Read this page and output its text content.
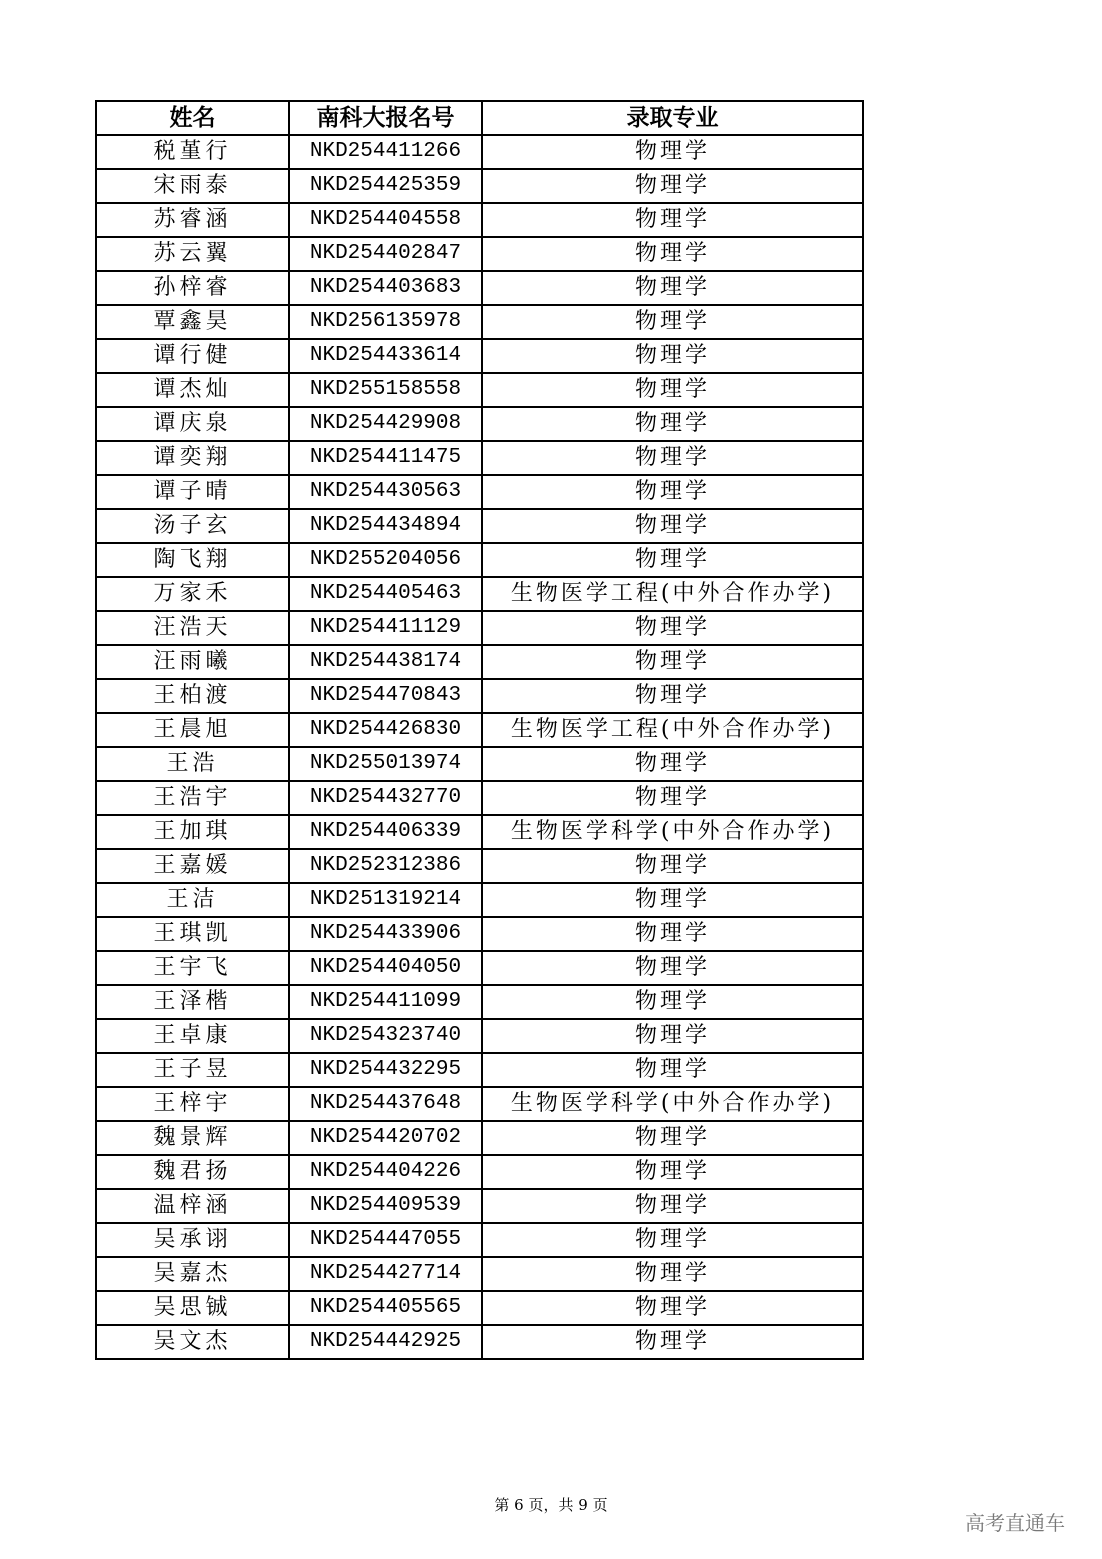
姓名	南科大报名号	录取专业
税堇行	NKD254411266	物理学
宋雨泰	NKD254425359	物理学
苏睿涵	NKD254404558	物理学
苏云翼	NKD254402847	物理学
孙梓睿	NKD254403683	物理学
覃鑫昊	NKD256135978	物理学
谭行健	NKD254433614	物理学
谭杰灿	NKD255158558	物理学
谭庆泉	NKD254429908	物理学
谭奕翔	NKD254411475	物理学
谭子晴	NKD254430563	物理学
汤子玄	NKD254434894	物理学
陶飞翔	NKD255204056	物理学
万家禾	NKD254405463	生物医学工程(中外合作办学)
汪浩天	NKD254411129	物理学
汪雨曦	NKD254438174	物理学
王柏渡	NKD254470843	物理学
王晨旭	NKD254426830	生物医学工程(中外合作办学)
王浩	NKD255013974	物理学
王浩宇	NKD254432770	物理学
王加琪	NKD254406339	生物医学科学(中外合作办学)
王嘉媛	NKD252312386	物理学
王洁	NKD251319214	物理学
王琪凯	NKD254433906	物理学
王宇飞	NKD254404050	物理学
王泽楷	NKD254411099	物理学
王卓康	NKD254323740	物理学
王子昱	NKD254432295	物理学
王梓宇	NKD254437648	生物医学科学(中外合作办学)
魏景辉	NKD254420702	物理学
魏君扬	NKD254404226	物理学
温梓涵	NKD254409539	物理学
吴承诩	NKD254447055	物理学
吴嘉杰	NKD254427714	物理学
吴思铖	NKD254405565	物理学
吴文杰	NKD254442925	物理学
第 6 页，共 9 页
高考直通车
